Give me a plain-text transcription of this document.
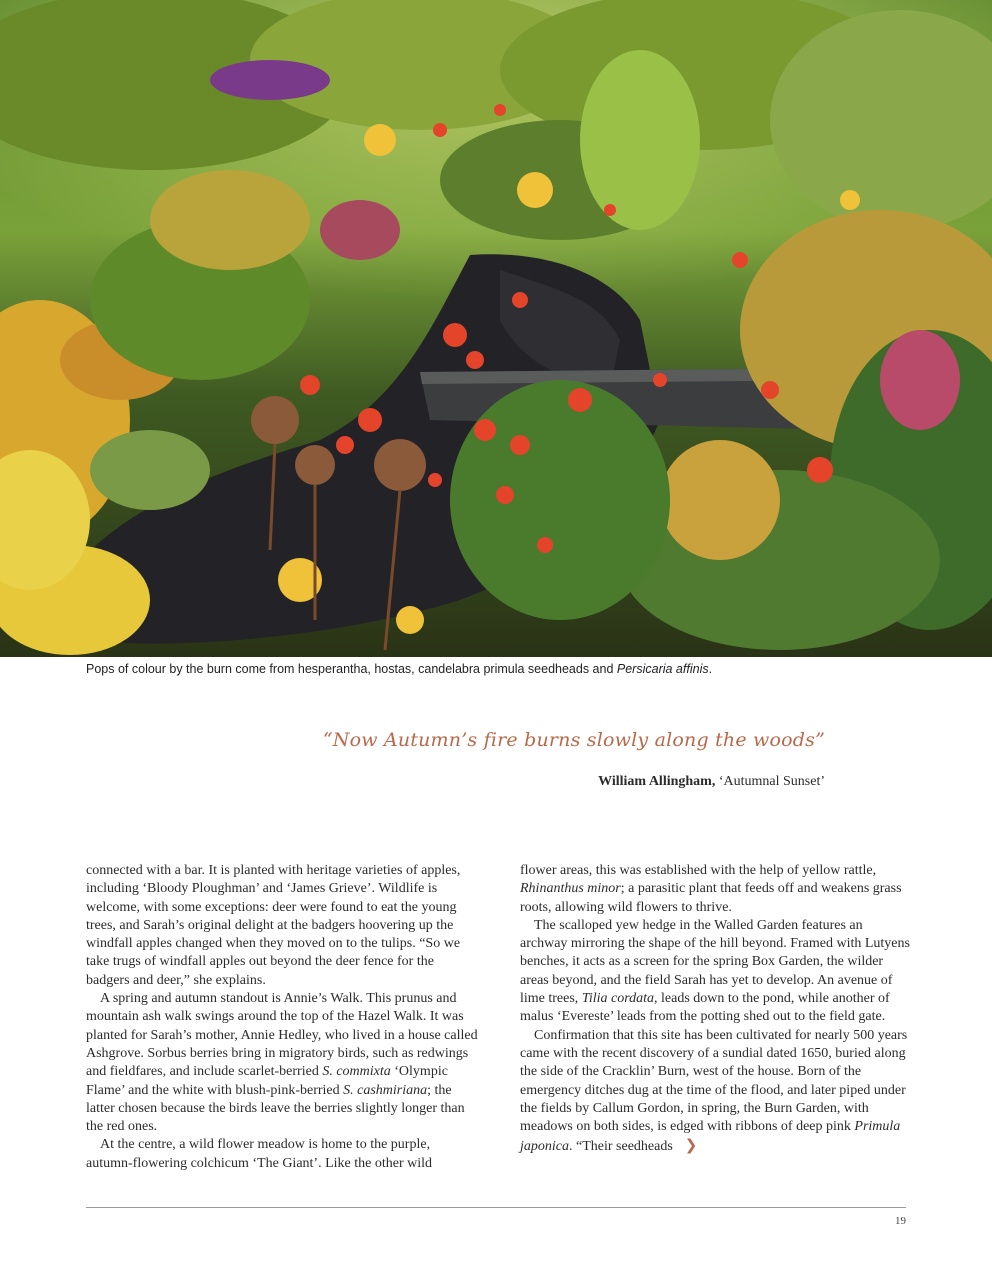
Pops of colour by the burn come from hesperantha, hostas, candelabra primula seedheads and Persicaria affinis.
“Now Autumn’s fire burns slowly along the woods”
William Allingham, ‘Autumnal Sunset’

connected with a bar. It is planted with heritage varieties of apples, including ‘Bloody Ploughman’ and ‘James Grieve’. Wildlife is welcome, with some exceptions: deer were found to eat the young trees, and Sarah’s original delight at the badgers hoovering up the windfall apples changed when they moved on to the tulips. “So we take trugs of windfall apples out beyond the deer fence for the badgers and deer,” she explains.

A spring and autumn standout is Annie’s Walk. This prunus and mountain ash walk swings around the top of the Hazel Walk. It was planted for Sarah’s mother, Annie Hedley, who lived in a house called Ashgrove. Sorbus berries bring in migratory birds, such as redwings and fieldfares, and include scarlet-berried S. commixta ‘Olympic Flame’ and the white with blush-pink-berried S. cashmiriana; the latter chosen because the birds leave the berries slightly longer than the red ones.

At the centre, a wild flower meadow is home to the purple, autumn-flowering colchicum ‘The Giant’. Like the other wild

flower areas, this was established with the help of yellow rattle, Rhinanthus minor; a parasitic plant that feeds off and weakens grass roots, allowing wild flowers to thrive.

The scalloped yew hedge in the Walled Garden features an archway mirroring the shape of the hill beyond. Framed with Lutyens benches, it acts as a screen for the spring Box Garden, the wilder areas beyond, and the field Sarah has yet to develop. An avenue of lime trees, Tilia cordata, leads down to the pond, while another of malus ‘Evereste’ leads from the potting shed out to the field gate.

Confirmation that this site has been cultivated for nearly 500 years came with the recent discovery of a sundial dated 1650, buried along the side of the Cracklin’ Burn, west of the house. Born of the emergency ditches dug at the time of the flood, and later piped under the fields by Callum Gordon, in spring, the Burn Garden, with meadows on both sides, is edged with ribbons of deep pink Primula japonica. “Their seedheads ❯

19
